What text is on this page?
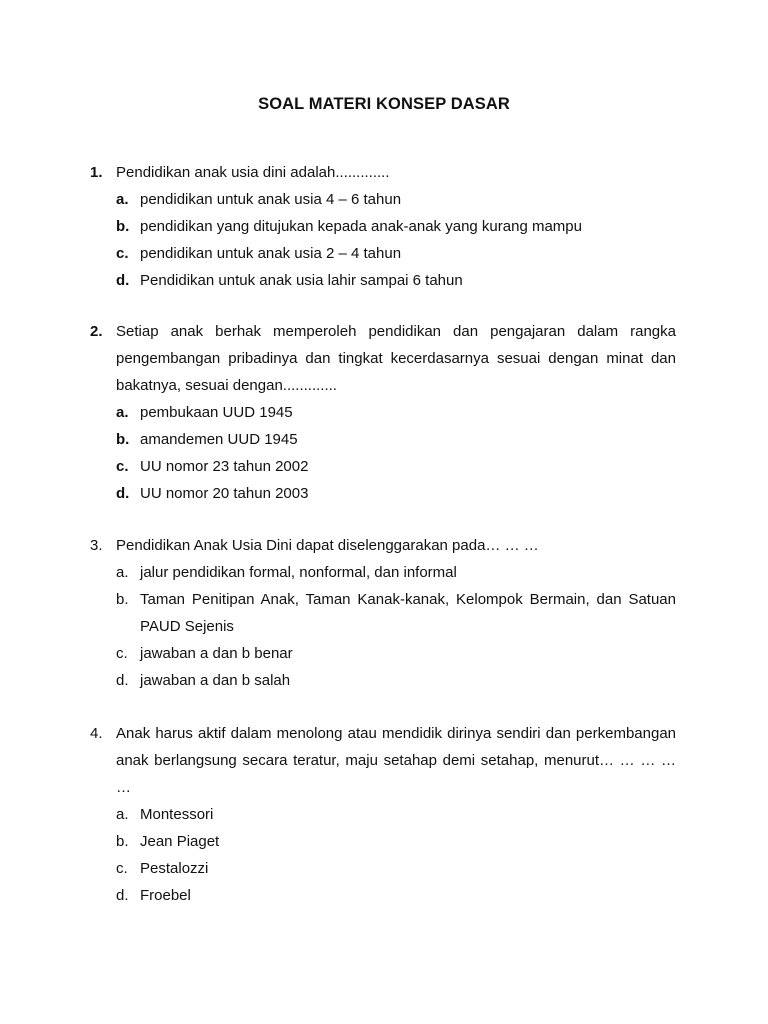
SOAL MATERI KONSEP DASAR
1. Pendidikan anak usia dini adalah.............
a. pendidikan untuk anak usia 4 – 6 tahun
b. pendidikan yang ditujukan kepada anak-anak yang kurang mampu
c. pendidikan untuk anak usia 2 – 4 tahun
d. Pendidikan untuk anak usia lahir sampai 6 tahun
2. Setiap anak berhak memperoleh pendidikan dan pengajaran dalam rangka pengembangan pribadinya dan tingkat kecerdasarnya sesuai dengan minat dan bakatnya, sesuai dengan.............
a. pembukaan UUD 1945
b. amandemen UUD 1945
c. UU nomor 23 tahun 2002
d. UU nomor 20 tahun 2003
3. Pendidikan Anak Usia Dini dapat diselenggarakan pada… … …
a. jalur pendidikan formal, nonformal, dan informal
b. Taman Penitipan Anak, Taman Kanak-kanak, Kelompok Bermain, dan Satuan PAUD Sejenis
c. jawaban a dan b benar
d. jawaban a dan b salah
4. Anak harus aktif dalam menolong atau mendidik dirinya sendiri dan perkembangan anak berlangsung secara teratur, maju setahap demi setahap, menurut… … … … …
a. Montessori
b. Jean Piaget
c. Pestalozzi
d. Froebel
